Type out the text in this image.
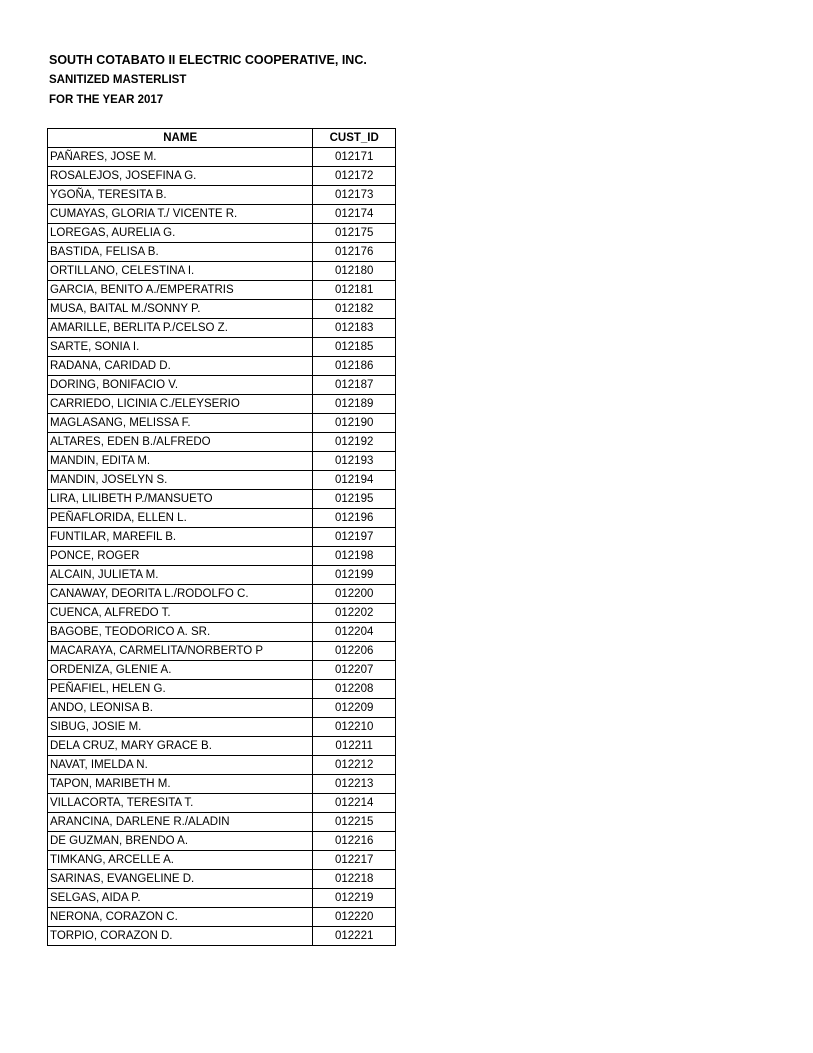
SOUTH COTABATO II ELECTRIC COOPERATIVE, INC.
SANITIZED MASTERLIST
FOR THE YEAR 2017
NAME	CUST_ID
PAÑARES, JOSE M.	012171
ROSALEJOS, JOSEFINA G.	012172
YGOÑA, TERESITA B.	012173
CUMAYAS, GLORIA T./ VICENTE R.	012174
LOREGAS, AURELIA G.	012175
BASTIDA, FELISA B.	012176
ORTILLANO, CELESTINA I.	012180
GARCIA, BENITO A./EMPERATRIS	012181
MUSA, BAITAL M./SONNY P.	012182
AMARILLE, BERLITA P./CELSO Z.	012183
SARTE, SONIA I.	012185
RADANA, CARIDAD D.	012186
DORING, BONIFACIO V.	012187
CARRIEDO, LICINIA C./ELEYSERIO	012189
MAGLASANG, MELISSA F.	012190
ALTARES, EDEN B./ALFREDO	012192
MANDIN, EDITA M.	012193
MANDIN, JOSELYN S.	012194
LIRA, LILIBETH P./MANSUETO	012195
PEÑAFLORIDA, ELLEN L.	012196
FUNTILAR, MAREFIL B.	012197
PONCE, ROGER	012198
ALCAIN, JULIETA M.	012199
CANAWAY, DEORITA L./RODOLFO C.	012200
CUENCA, ALFREDO T.	012202
BAGOBE, TEODORICO A. SR.	012204
MACARAYA, CARMELITA/NORBERTO P	012206
ORDENIZA, GLENIE A.	012207
PEÑAFIEL, HELEN G.	012208
ANDO, LEONISA B.	012209
SIBUG, JOSIE M.	012210
DELA CRUZ, MARY GRACE B.	012211
NAVAT, IMELDA N.	012212
TAPON, MARIBETH M.	012213
VILLACORTA, TERESITA T.	012214
ARANCINA, DARLENE R./ALADIN	012215
DE GUZMAN, BRENDO A.	012216
TIMKANG, ARCELLE A.	012217
SARINAS, EVANGELINE D.	012218
SELGAS, AIDA P.	012219
NERONA, CORAZON C.	012220
TORPIO, CORAZON D.	012221
